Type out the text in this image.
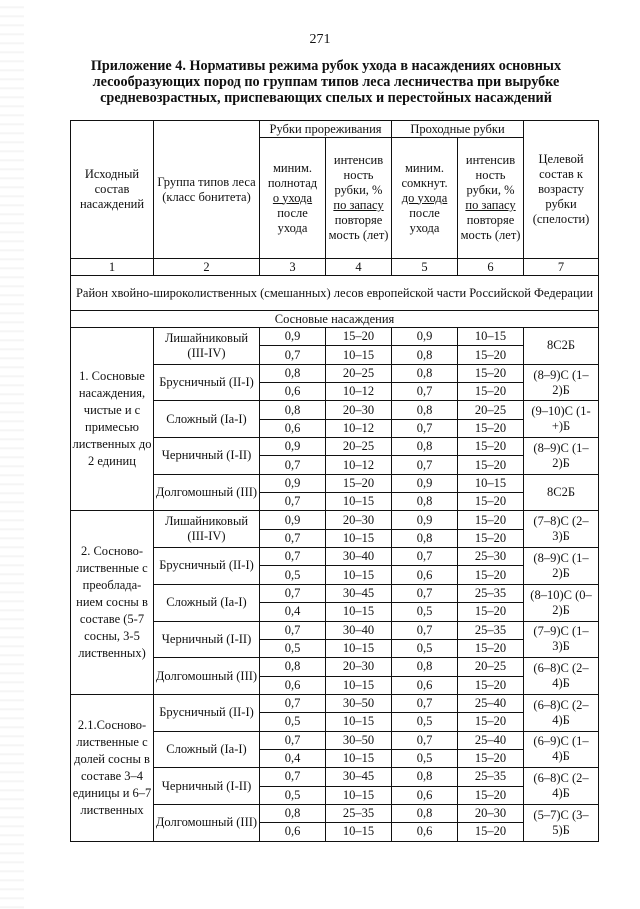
271
Приложение 4. Нормативы режима рубок ухода в насаждениях основных лесообразующих пород по группам типов леса лесничества при вырубке средневозрастных, приспевающих спелых и перестойных насаждений
Исходный состав насаждений	Группа типов леса (класс бонитета)	Рубки прореживания		Проходные рубки		Целевой состав к возрасту рубки (спелости)
		миним. полнотад
о ухода
после ухода	интенсив ность рубки, %
по запасу
повторяе мость (лет)	миним. сомкнут.
до ухода
после ухода	интенсив ность рубки, %
по запасу
повторяе мость (лет)	
1	2	3	4	5	6	7
Район хвойно-широколиственных (смешанных) лесов европейской части Российской Федерации						
Сосновые насаждения						
1. Сосновые насаждения, чистые и с примесью лиственных до 2 единиц	Лишайниковый (III-IV)	0,9	15–20	0,9	10–15	8С2Б
		0,7	10–15	0,8	15–20	
	Брусничный (II-I)	0,8	20–25	0,8	15–20	(8–9)С (1–2)Б
		0,6	10–12	0,7	15–20	
	Сложный (Ia-I)	0,8	20–30	0,8	20–25	(9–10)С (1-+)Б
		0,6	10–12	0,7	15–20	
	Черничный (I-II)	0,9	20–25	0,8	15–20	(8–9)С (1–2)Б
		0,7	10–12	0,7	15–20	
	Долгомошный (III)	0,9	15–20	0,9	10–15	8С2Б
		0,7	10–15	0,8	15–20	
2. Сосново-лиственные с преоблада-нием сосны в составе (5-7 сосны, 3-5 лиственных)	Лишайниковый (III-IV)	0,9	20–30	0,9	15–20	(7–8)С (2–3)Б
		0,7	10–15	0,8	15–20	
	Брусничный (II-I)	0,7	30–40	0,7	25–30	(8–9)С (1–2)Б
		0,5	10–15	0,6	15–20	
	Сложный (Ia-I)	0,7	30–45	0,7	25–35	(8–10)С (0–2)Б
		0,4	10–15	0,5	15–20	
	Черничный (I-II)	0,7	30–40	0,7	25–35	(7–9)С (1–3)Б
		0,5	10–15	0,5	15–20	
	Долгомошный (III)	0,8	20–30	0,8	20–25	(6–8)С (2–4)Б
		0,6	10–15	0,6	15–20	
2.1.Сосново-лиственные с долей сосны в составе 3–4 единицы и 6–7 лиственных	Брусничный (II-I)	0,7	30–50	0,7	25–40	(6–8)С (2–4)Б
		0,5	10–15	0,5	15–20	
	Сложный (Ia-I)	0,7	30–50	0,7	25–40	(6–9)С (1–4)Б
		0,4	10–15	0,5	15–20	
	Черничный (I-II)	0,7	30–45	0,8	25–35	(6–8)С (2–4)Б
		0,5	10–15	0,6	15–20	
	Долгомошный (III)	0,8	25–35	0,8	20–30	(5–7)С (3–5)Б
		0,6	10–15	0,6	15–20	
